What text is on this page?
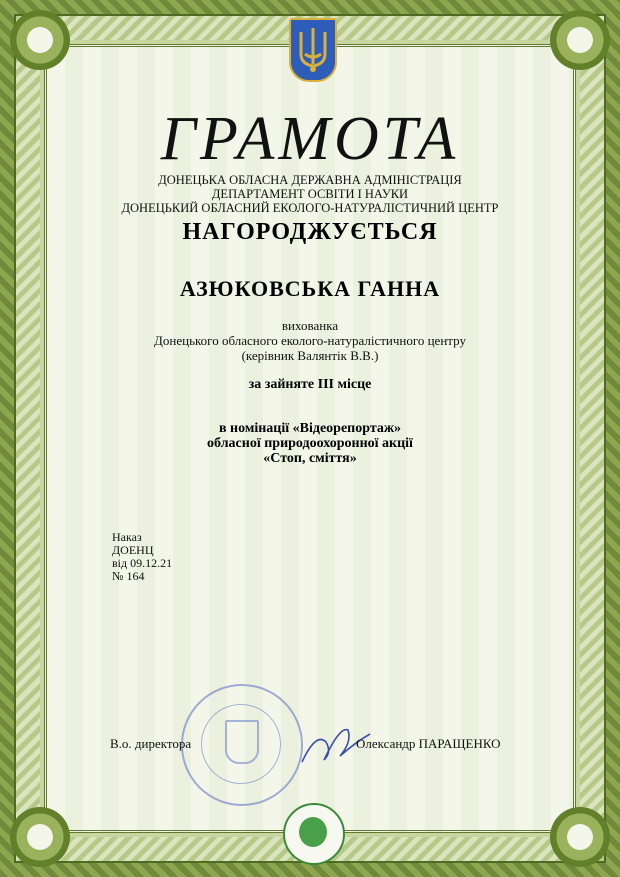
ГРАМОТА
ДОНЕЦЬКА ОБЛАСНА ДЕРЖАВНА АДМІНІСТРАЦІЯ
ДЕПАРТАМЕНТ ОСВІТИ І НАУКИ
ДОНЕЦЬКИЙ ОБЛАСНИЙ ЕКОЛОГО-НАТУРАЛІСТИЧНИЙ ЦЕНТР
НАГОРОДЖУЄТЬСЯ
АЗЮКОВСЬКА ГАННА
вихованка
Донецького обласного еколого-натуралістичного центру
(керівник Валянтік В.В.)
за зайняте ІІІ місце
в номінації «Відеорепортаж»
обласної природоохоронної акції
«Стоп, сміття»
Наказ
ДОЕНЦ
від 09.12.21
№ 164
В.о. директора	Олександр ПАРАЩЕНКО
